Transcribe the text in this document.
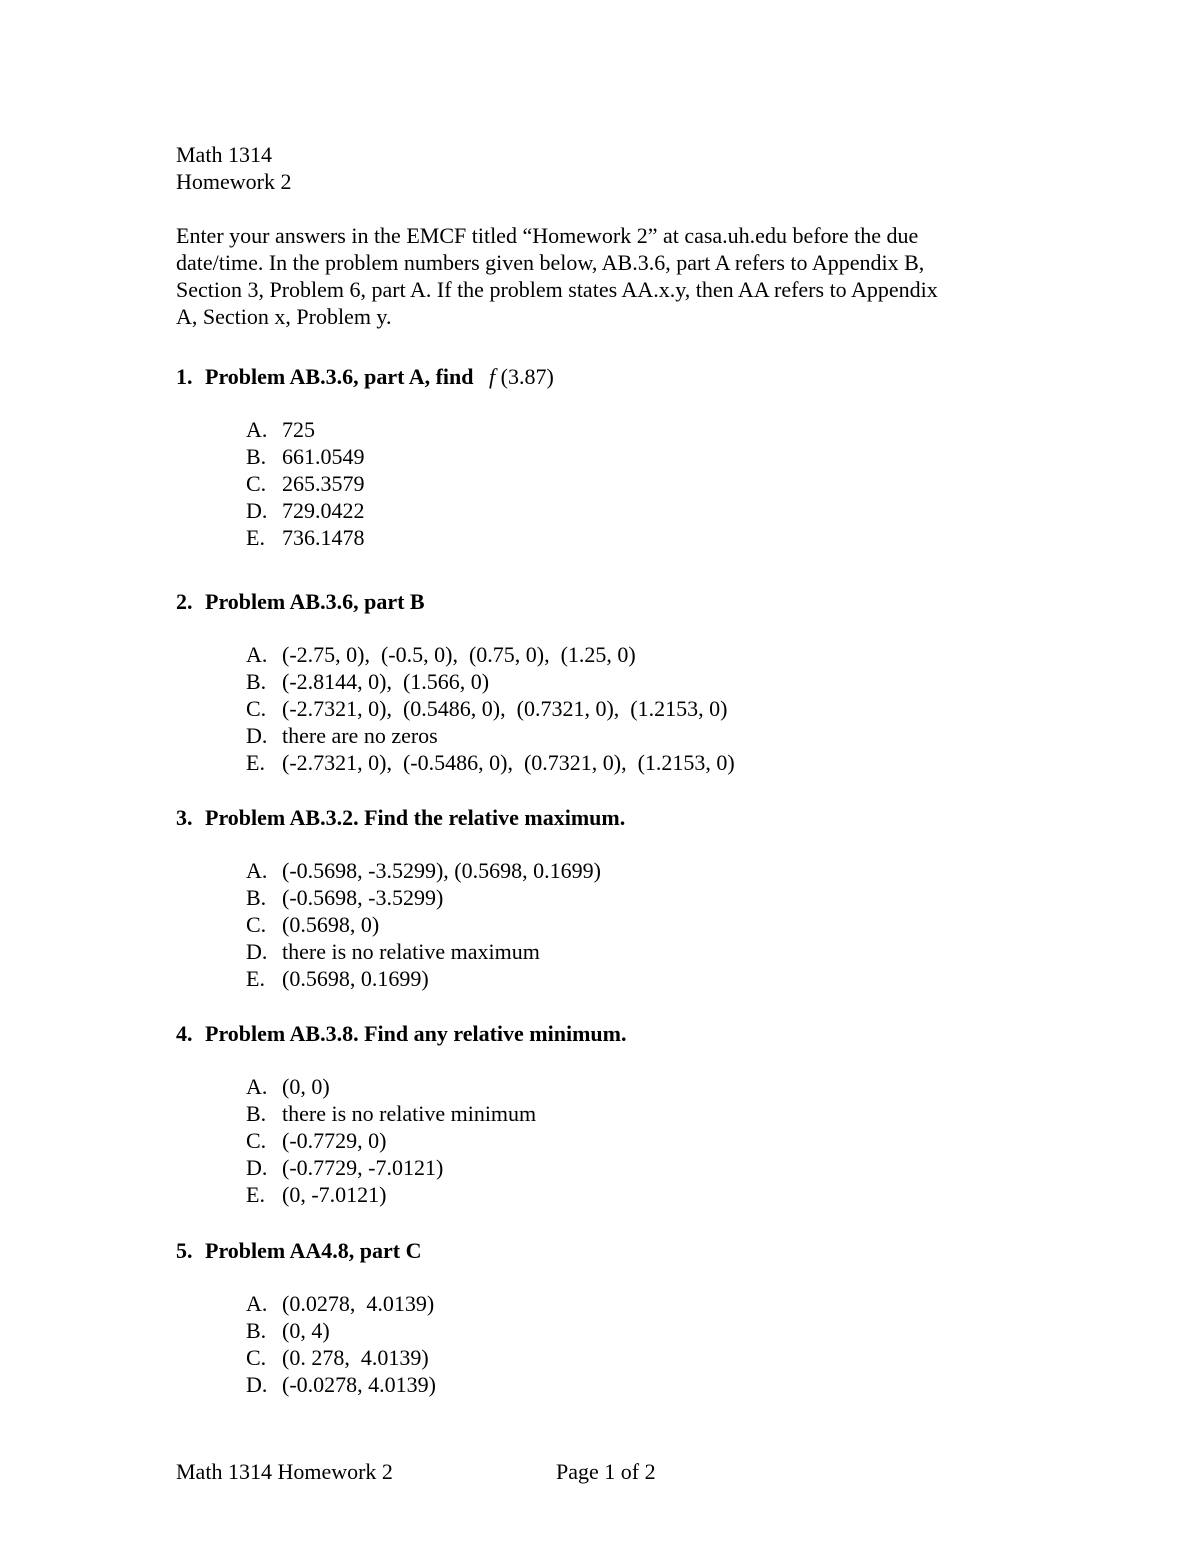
Math 1314
Homework 2
Enter your answers in the EMCF titled “Homework 2” at casa.uh.edu before the due
date/time. In the problem numbers given below, AB.3.6, part A refers to Appendix B,
Section 3, Problem 6, part A. If the problem states AA.x.y, then AA refers to Appendix
A, Section x, Problem y.
1. Problem AB.3.6, part A, find f (3.87)
A. 725
B. 661.0549
C. 265.3579
D. 729.0422
E. 736.1478
2. Problem AB.3.6, part B
A. (-2.75, 0),  (-0.5, 0),  (0.75, 0),  (1.25, 0)
B. (-2.8144, 0),  (1.566, 0)
C. (-2.7321, 0),  (0.5486, 0),  (0.7321, 0),  (1.2153, 0)
D. there are no zeros
E. (-2.7321, 0),  (-0.5486, 0),  (0.7321, 0),  (1.2153, 0)
3. Problem AB.3.2. Find the relative maximum.
A. (-0.5698, -3.5299), (0.5698, 0.1699)
B. (-0.5698, -3.5299)
C. (0.5698, 0)
D. there is no relative maximum
E. (0.5698, 0.1699)
4. Problem AB.3.8. Find any relative minimum.
A. (0, 0)
B. there is no relative minimum
C. (-0.7729, 0)
D. (-0.7729, -7.0121)
E. (0, -7.0121)
5. Problem AA4.8, part C
A. (0.0278,  4.0139)
B. (0, 4)
C. (0. 278,  4.0139)
D. (-0.0278, 4.0139)
Math 1314 Homework 2	Page 1 of 2
